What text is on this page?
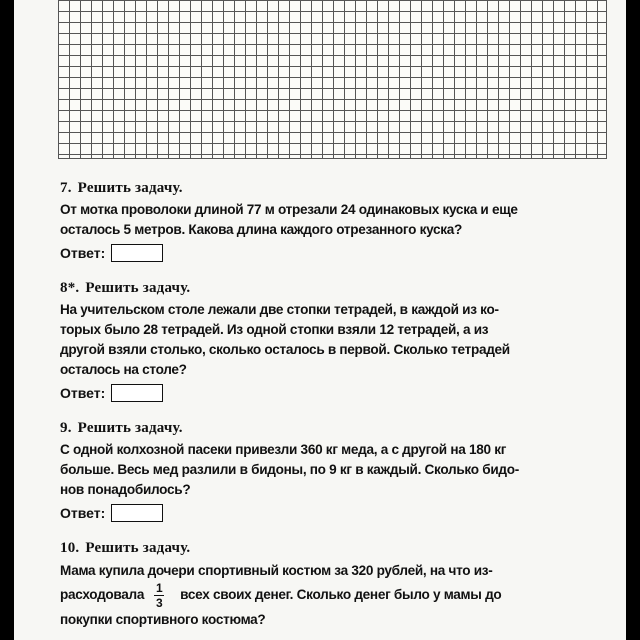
7. Решить задачу.

От мотка проволоки длиной 77 м отрезали 24 одинаковых куска и еще
осталось 5 метров. Какова длина каждого отрезанного куска?

Ответ:
8*. Решить задачу.

На учительском столе лежали две стопки тетрадей, в каждой из ко-
торых было 28 тетрадей. Из одной стопки взяли 12 тетрадей, а из
другой взяли столько, сколько осталось в первой. Сколько тетрадей
осталось на столе?

Ответ:
9. Решить задачу.

С одной колхозной пасеки привезли 360 кг меда, а с другой на 180 кг
больше. Весь мед разлили в бидоны, по 9 кг в каждый. Сколько бидо-
нов понадобилось?

Ответ:
10. Решить задачу.

Мама купила дочери спортивный костюм за 320 рублей, на что из-
расходовала $\frac{1}{3}$ всех своих денег. Сколько денег было у мамы до
покупки спортивного костюма?
